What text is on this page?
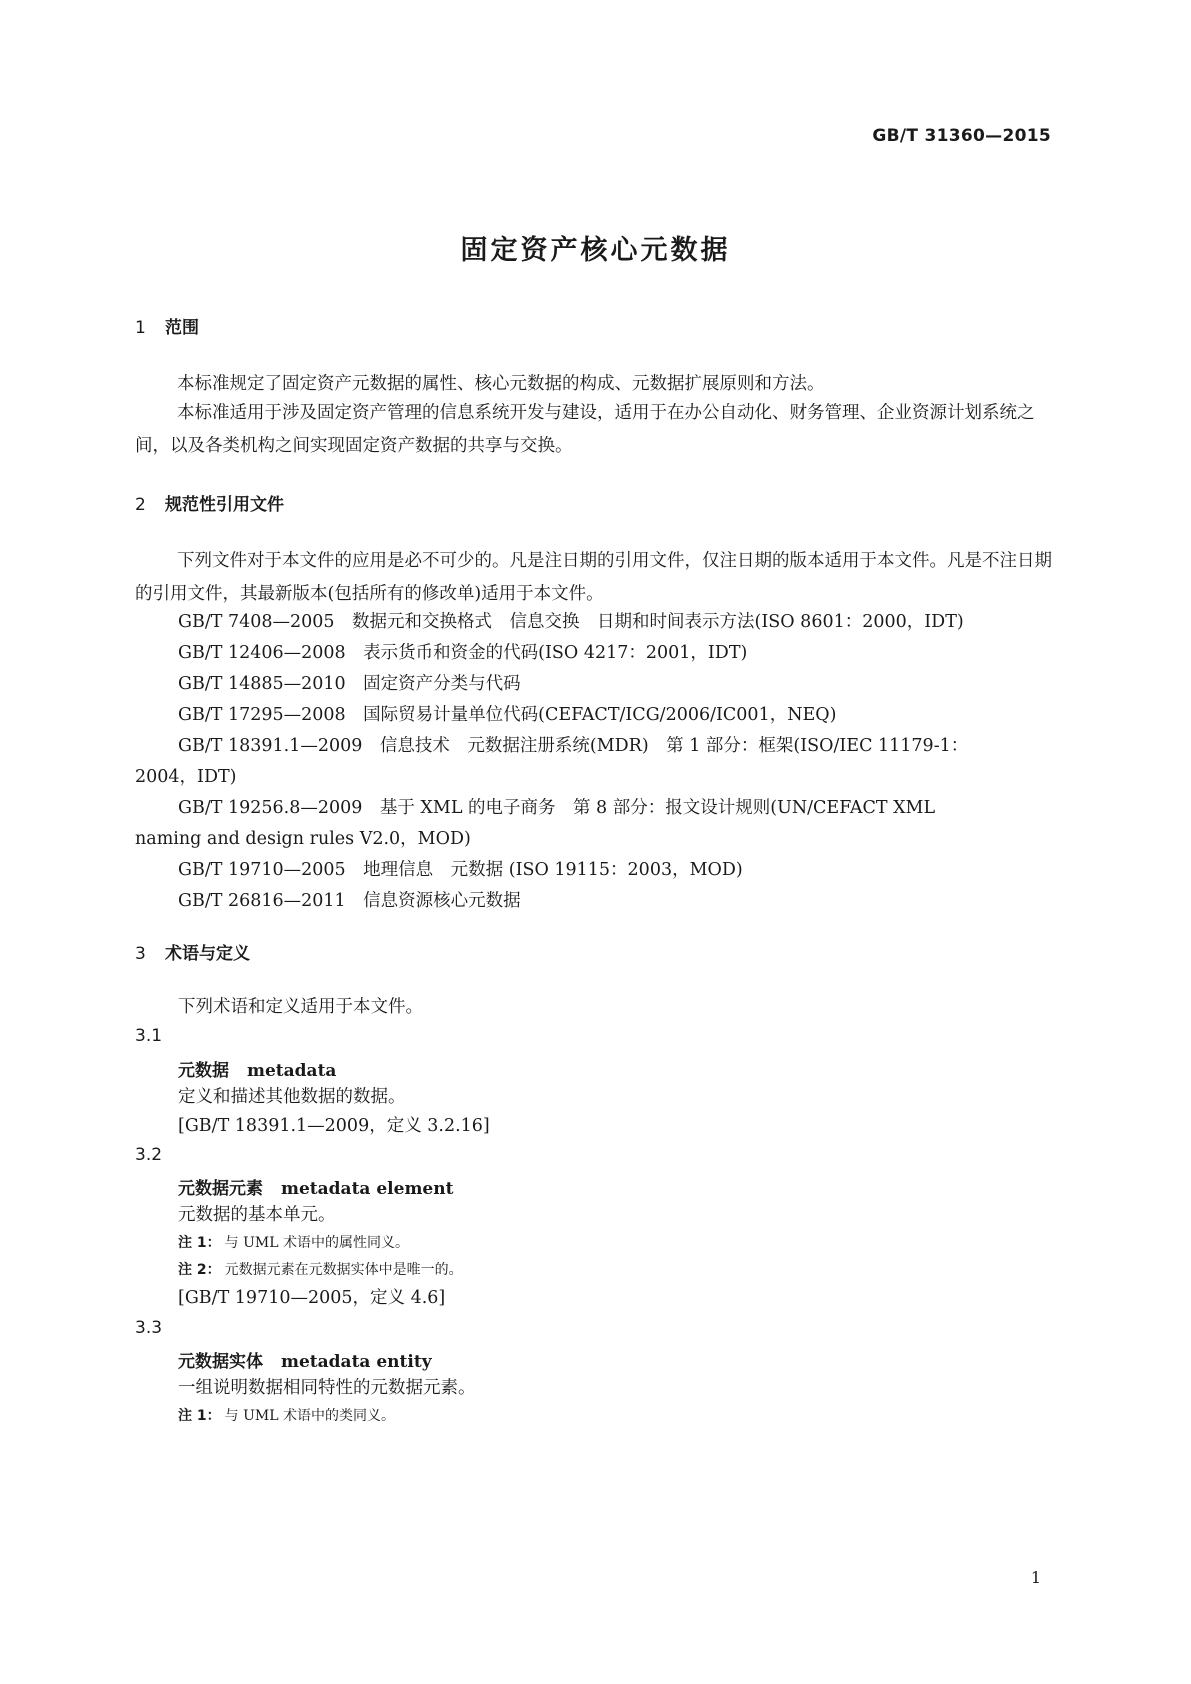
GB/T 31360—2015
固定资产核心元数据
1 范围
本标准规定了固定资产元数据的属性、核心元数据的构成、元数据扩展原则和方法。
本标准适用于涉及固定资产管理的信息系统开发与建设，适用于在办公自动化、财务管理、企业资源计划系统之间，以及各类机构之间实现固定资产数据的共享与交换。
2 规范性引用文件
下列文件对于本文件的应用是必不可少的。凡是注日期的引用文件，仅注日期的版本适用于本文件。凡是不注日期的引用文件，其最新版本(包括所有的修改单)适用于本文件。
GB/T 7408—2005　数据元和交换格式　信息交换　日期和时间表示方法(ISO 8601：2000，IDT)
GB/T 12406—2008　表示货币和资金的代码(ISO 4217：2001，IDT)
GB/T 14885—2010　固定资产分类与代码
GB/T 17295—2008　国际贸易计量单位代码(CEFACT/ICG/2006/IC001，NEQ)
GB/T 18391.1—2009　信息技术　元数据注册系统(MDR)　第 1 部分：框架(ISO/IEC 11179-1：
2004，IDT)
GB/T 19256.8—2009　基于 XML 的电子商务　第 8 部分：报文设计规则(UN/CEFACT XML
naming and design rules V2.0，MOD)
GB/T 19710—2005　地理信息　元数据 (ISO 19115：2003，MOD)
GB/T 26816—2011　信息资源核心元数据
3 术语与定义
下列术语和定义适用于本文件。
3.1
元数据 metadata
定义和描述其他数据的数据。
[GB/T 18391.1—2009，定义 3.2.16]
3.2
元数据元素 metadata element
元数据的基本单元。
注 1： 与 UML 术语中的属性同义。
注 2： 元数据元素在元数据实体中是唯一的。
[GB/T 19710—2005，定义 4.6]
3.3
元数据实体 metadata entity
一组说明数据相同特性的元数据元素。
注 1： 与 UML 术语中的类同义。
1
